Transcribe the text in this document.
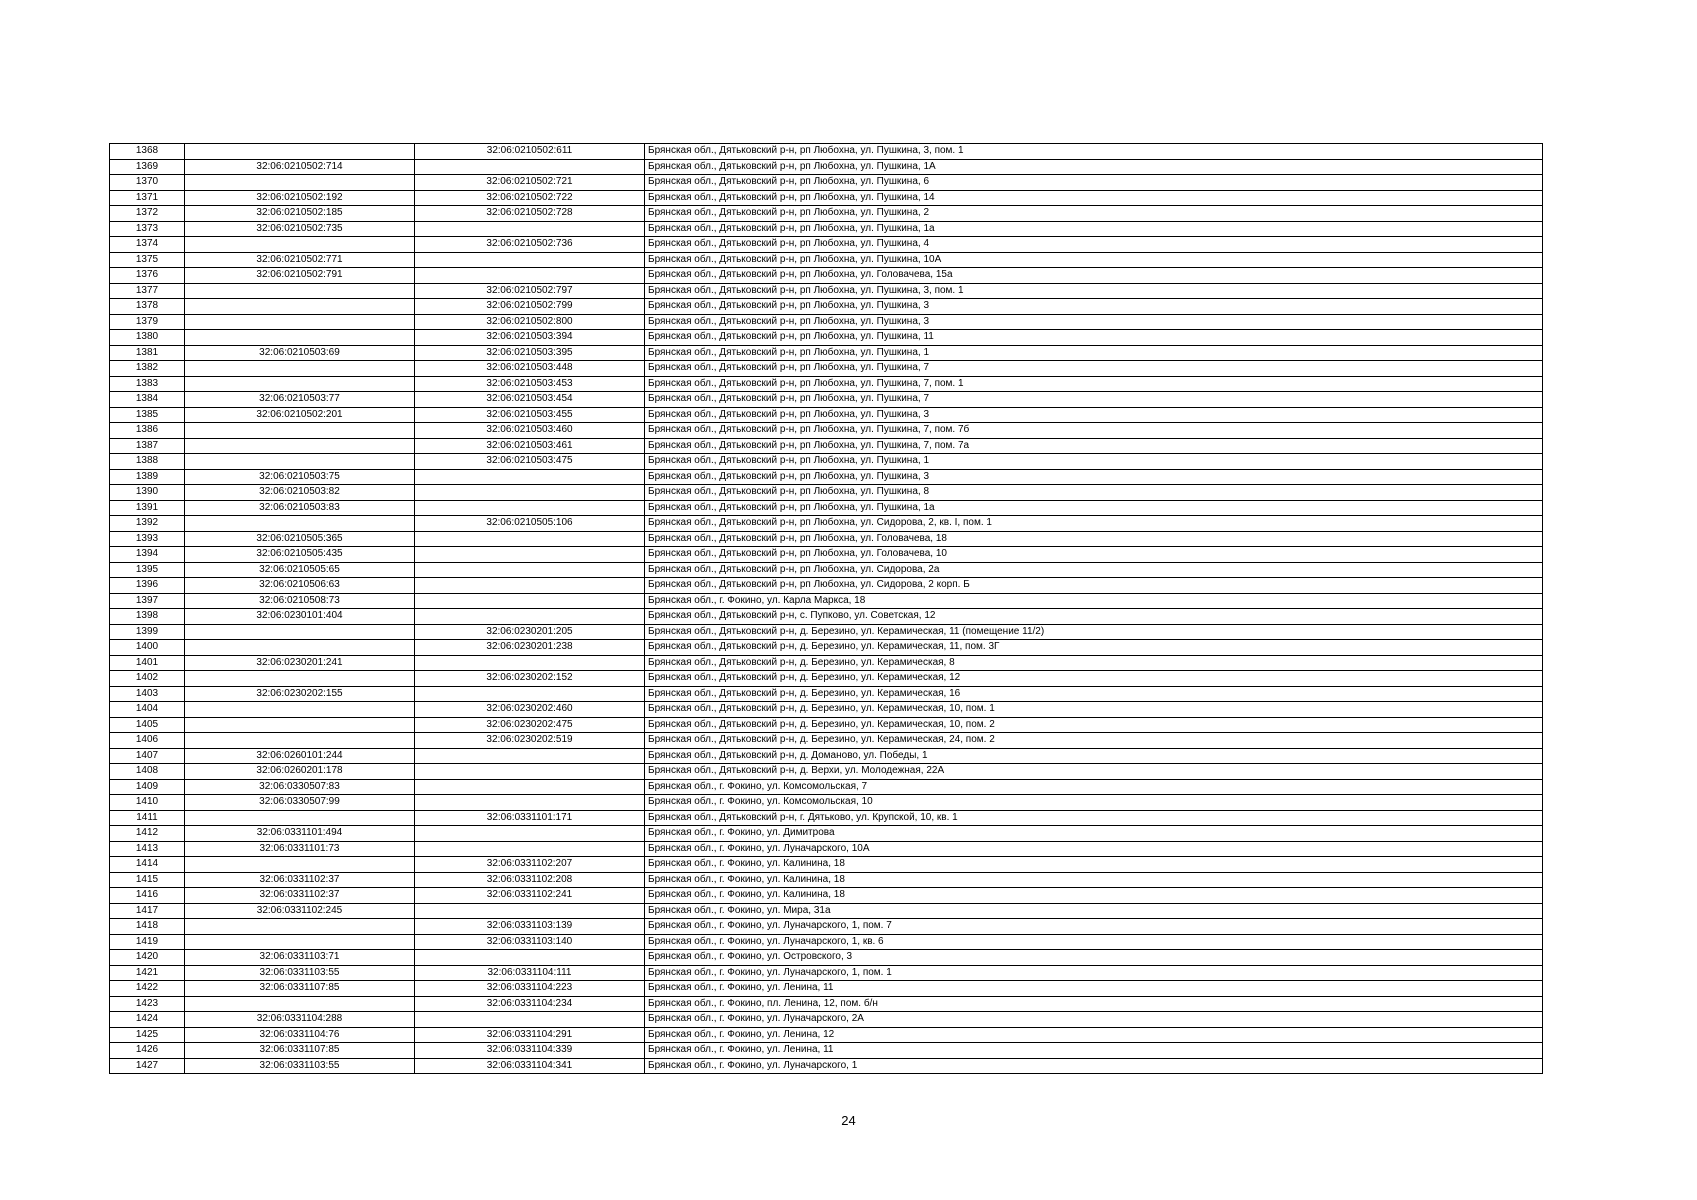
1368		32:06:0210502:611	Брянская обл., Дятьковский р-н, рп Любохна, ул. Пушкина, 3, пом. 1
1369	32:06:0210502:714		Брянская обл., Дятьковский р-н, рп Любохна, ул. Пушкина, 1А
1370		32:06:0210502:721	Брянская обл., Дятьковский р-н, рп Любохна, ул. Пушкина, 6
1371	32:06:0210502:192	32:06:0210502:722	Брянская обл., Дятьковский р-н, рп Любохна, ул. Пушкина, 14
1372	32:06:0210502:185	32:06:0210502:728	Брянская обл., Дятьковский р-н, рп Любохна, ул. Пушкина, 2
1373	32:06:0210502:735		Брянская обл., Дятьковский р-н, рп Любохна, ул. Пушкина, 1а
1374		32:06:0210502:736	Брянская обл., Дятьковский р-н, рп Любохна, ул. Пушкина, 4
1375	32:06:0210502:771		Брянская обл., Дятьковский р-н, рп Любохна, ул. Пушкина, 10А
1376	32:06:0210502:791		Брянская обл., Дятьковский р-н, рп Любохна, ул. Головачева, 15а
1377		32:06:0210502:797	Брянская обл., Дятьковский р-н, рп Любохна, ул. Пушкина, 3, пом. 1
1378		32:06:0210502:799	Брянская обл., Дятьковский р-н, рп Любохна, ул. Пушкина, 3
1379		32:06:0210502:800	Брянская обл., Дятьковский р-н, рп Любохна, ул. Пушкина, 3
1380		32:06:0210503:394	Брянская обл., Дятьковский р-н, рп Любохна, ул. Пушкина, 11
1381	32:06:0210503:69	32:06:0210503:395	Брянская обл., Дятьковский р-н, рп Любохна, ул. Пушкина, 1
1382		32:06:0210503:448	Брянская обл., Дятьковский р-н, рп Любохна, ул. Пушкина, 7
1383		32:06:0210503:453	Брянская обл., Дятьковский р-н, рп Любохна, ул. Пушкина, 7, пом. 1
1384	32:06:0210503:77	32:06:0210503:454	Брянская обл., Дятьковский р-н, рп Любохна, ул. Пушкина, 7
1385	32:06:0210502:201	32:06:0210503:455	Брянская обл., Дятьковский р-н, рп Любохна, ул. Пушкина, 3
1386		32:06:0210503:460	Брянская обл., Дятьковский р-н, рп Любохна, ул. Пушкина, 7, пом. 7б
1387		32:06:0210503:461	Брянская обл., Дятьковский р-н, рп Любохна, ул. Пушкина, 7, пом. 7а
1388		32:06:0210503:475	Брянская обл., Дятьковский р-н, рп Любохна, ул. Пушкина, 1
1389	32:06:0210503:75		Брянская обл., Дятьковский р-н, рп Любохна, ул. Пушкина, 3
1390	32:06:0210503:82		Брянская обл., Дятьковский р-н, рп Любохна, ул. Пушкина, 8
1391	32:06:0210503:83		Брянская обл., Дятьковский р-н, рп Любохна, ул. Пушкина, 1а
1392		32:06:0210505:106	Брянская обл., Дятьковский р-н, рп Любохна, ул. Сидорова, 2, кв. I, пом. 1
1393	32:06:0210505:365		Брянская обл., Дятьковский р-н, рп Любохна, ул. Головачева, 18
1394	32:06:0210505:435		Брянская обл., Дятьковский р-н, рп Любохна, ул. Головачева, 10
1395	32:06:0210505:65		Брянская обл., Дятьковский р-н, рп Любохна, ул. Сидорова, 2а
1396	32:06:0210506:63		Брянская обл., Дятьковский р-н, рп Любохна, ул. Сидорова, 2 корп. Б
1397	32:06:0210508:73		Брянская обл., г. Фокино, ул. Карла Маркса, 18
1398	32:06:0230101:404		Брянская обл., Дятьковский р-н, с. Пупково, ул. Советская, 12
1399		32:06:0230201:205	Брянская обл., Дятьковский р-н, д. Березино, ул. Керамическая, 11 (помещение 11/2)
1400		32:06:0230201:238	Брянская обл., Дятьковский р-н, д. Березино, ул. Керамическая, 11, пом. 3Г
1401	32:06:0230201:241		Брянская обл., Дятьковский р-н, д. Березино, ул. Керамическая, 8
1402		32:06:0230202:152	Брянская обл., Дятьковский р-н, д. Березино, ул. Керамическая, 12
1403	32:06:0230202:155		Брянская обл., Дятьковский р-н, д. Березино, ул. Керамическая, 16
1404		32:06:0230202:460	Брянская обл., Дятьковский р-н, д. Березино, ул. Керамическая, 10, пом. 1
1405		32:06:0230202:475	Брянская обл., Дятьковский р-н, д. Березино, ул. Керамическая, 10, пом. 2
1406		32:06:0230202:519	Брянская обл., Дятьковский р-н, д. Березино, ул. Керамическая, 24, пом. 2
1407	32:06:0260101:244		Брянская обл., Дятьковский р-н, д. Доманово, ул. Победы, 1
1408	32:06:0260201:178		Брянская обл., Дятьковский р-н, д. Верхи, ул. Молодежная, 22А
1409	32:06:0330507:83		Брянская обл., г. Фокино, ул. Комсомольская, 7
1410	32:06:0330507:99		Брянская обл., г. Фокино, ул. Комсомольская, 10
1411		32:06:0331101:171	Брянская обл., Дятьковский р-н, г. Дятьково, ул. Крупской, 10, кв. 1
1412	32:06:0331101:494		Брянская обл., г. Фокино, ул. Димитрова
1413	32:06:0331101:73		Брянская обл., г. Фокино, ул. Луначарского, 10А
1414		32:06:0331102:207	Брянская обл., г. Фокино, ул. Калинина, 18
1415	32:06:0331102:37	32:06:0331102:208	Брянская обл., г. Фокино, ул. Калинина, 18
1416	32:06:0331102:37	32:06:0331102:241	Брянская обл., г. Фокино, ул. Калинина, 18
1417	32:06:0331102:245		Брянская обл., г. Фокино, ул. Мира, 31а
1418		32:06:0331103:139	Брянская обл., г. Фокино, ул. Луначарского, 1, пом. 7
1419		32:06:0331103:140	Брянская обл., г. Фокино, ул. Луначарского, 1, кв. 6
1420	32:06:0331103:71		Брянская обл., г. Фокино, ул. Островского, 3
1421	32:06:0331103:55	32:06:0331104:111	Брянская обл., г. Фокино, ул. Луначарского, 1, пом. 1
1422	32:06:0331107:85	32:06:0331104:223	Брянская обл., г. Фокино, ул. Ленина, 11
1423		32:06:0331104:234	Брянская обл., г. Фокино, пл. Ленина, 12, пом. б/н
1424	32:06:0331104:288		Брянская обл., г. Фокино, ул. Луначарского, 2А
1425	32:06:0331104:76	32:06:0331104:291	Брянская обл., г. Фокино, ул. Ленина, 12
1426	32:06:0331107:85	32:06:0331104:339	Брянская обл., г. Фокино, ул. Ленина, 11
1427	32:06:0331103:55	32:06:0331104:341	Брянская обл., г. Фокино, ул. Луначарского, 1
24
